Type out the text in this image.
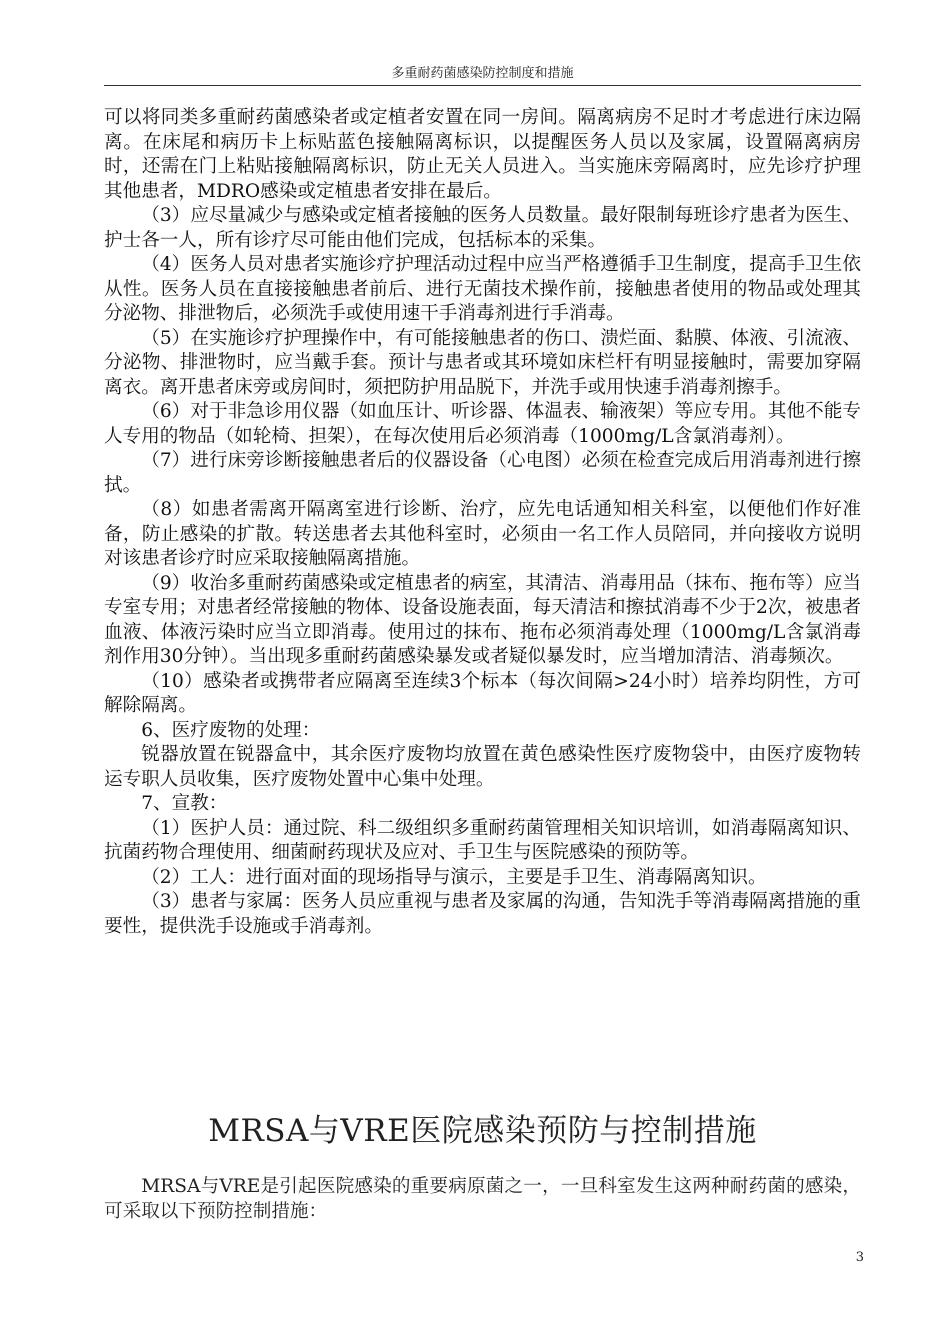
多重耐药菌感染防控制度和措施

可以将同类多重耐药菌感染者或定植者安置在同一房间。隔离病房不足时才考虑进行床边隔离。在床尾和病历卡上标贴蓝色接触隔离标识，以提醒医务人员以及家属，设置隔离病房时，还需在门上粘贴接触隔离标识，防止无关人员进入。当实施床旁隔离时，应先诊疗护理其他患者，MDRO感染或定植患者安排在最后。

（3）应尽量减少与感染或定植者接触的医务人员数量。最好限制每班诊疗患者为医生、护士各一人，所有诊疗尽可能由他们完成，包括标本的采集。

（4）医务人员对患者实施诊疗护理活动过程中应当严格遵循手卫生制度，提高手卫生依从性。医务人员在直接接触患者前后、进行无菌技术操作前，接触患者使用的物品或处理其分泌物、排泄物后，必须洗手或使用速干手消毒剂进行手消毒。

（5）在实施诊疗护理操作中，有可能接触患者的伤口、溃烂面、黏膜、体液、引流液、分泌物、排泄物时，应当戴手套。预计与患者或其环境如床栏杆有明显接触时，需要加穿隔离衣。离开患者床旁或房间时，须把防护用品脱下，并洗手或用快速手消毒剂擦手。

（6）对于非急诊用仪器（如血压计、听诊器、体温表、输液架）等应专用。其他不能专人专用的物品（如轮椅、担架），在每次使用后必须消毒（1000mg/L含氯消毒剂）。

（7）进行床旁诊断接触患者后的仪器设备（心电图）必须在检查完成后用消毒剂进行擦拭。

（8）如患者需离开隔离室进行诊断、治疗，应先电话通知相关科室，以便他们作好准备，防止感染的扩散。转送患者去其他科室时，必须由一名工作人员陪同，并向接收方说明对该患者诊疗时应采取接触隔离措施。

（9）收治多重耐药菌感染或定植患者的病室，其清洁、消毒用品（抹布、拖布等）应当专室专用；对患者经常接触的物体、设备设施表面，每天清洁和擦拭消毒不少于2次，被患者血液、体液污染时应当立即消毒。使用过的抹布、拖布必须消毒处理（1000mg/L含氯消毒剂作用30分钟）。当出现多重耐药菌感染暴发或者疑似暴发时，应当增加清洁、消毒频次。

（10）感染者或携带者应隔离至连续3个标本（每次间隔>24小时）培养均阴性，方可解除隔离。

6、医疗废物的处理：

锐器放置在锐器盒中，其余医疗废物均放置在黄色感染性医疗废物袋中，由医疗废物转运专职人员收集，医疗废物处置中心集中处理。

7、宣教：

（1）医护人员：通过院、科二级组织多重耐药菌管理相关知识培训，如消毒隔离知识、抗菌药物合理使用、细菌耐药现状及应对、手卫生与医院感染的预防等。

（2）工人：进行面对面的现场指导与演示，主要是手卫生、消毒隔离知识。

（3）患者与家属：医务人员应重视与患者及家属的沟通，告知洗手等消毒隔离措施的重要性，提供洗手设施或手消毒剂。

MRSA与VRE医院感染预防与控制措施

MRSA与VRE是引起医院感染的重要病原菌之一，一旦科室发生这两种耐药菌的感染，可采取以下预防控制措施：

3
